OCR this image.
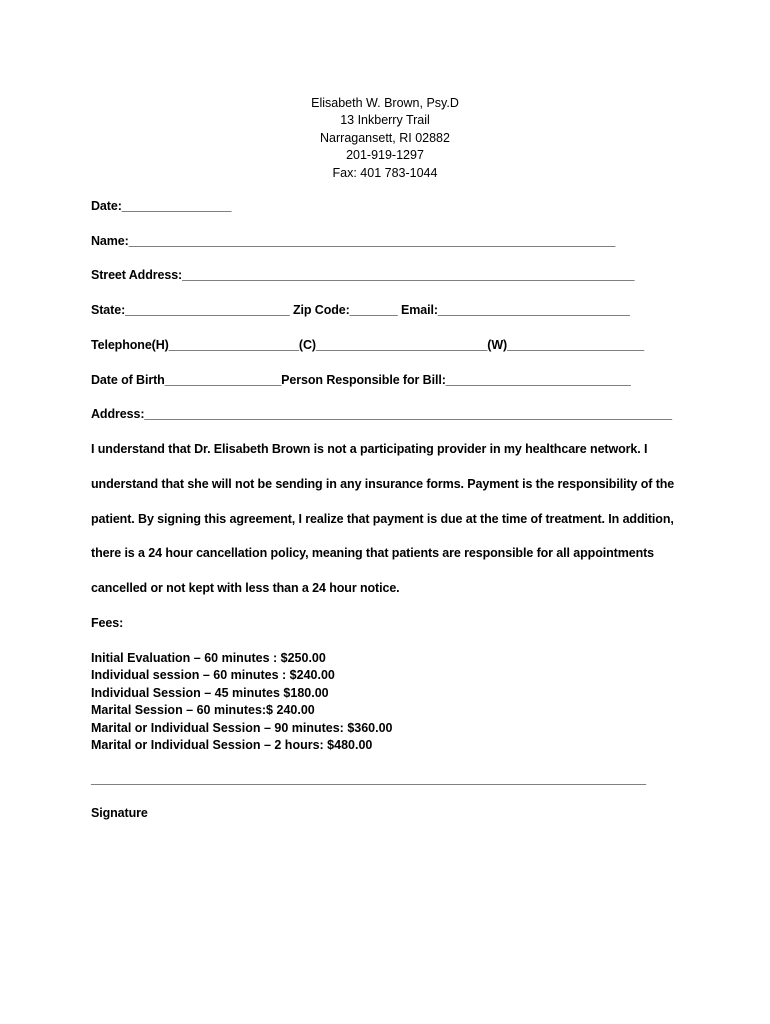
Elisabeth W. Brown, Psy.D
13 Inkberry Trail
Narragansett, RI 02882
201-919-1297
Fax: 401 783-1044
Date:________________
Name:_______________________________________________________________________
Street Address:__________________________________________________________________
State:________________________ Zip Code:_______ Email:____________________________
Telephone(H)___________________(C)_________________________(W)____________________
Date of Birth_________________Person Responsible for Bill:___________________________
Address:_____________________________________________________________________________
I understand that Dr. Elisabeth Brown is not a participating provider in my healthcare network. I
understand that she will not be sending in any insurance forms. Payment is the responsibility of the
patient. By signing this agreement, I realize that payment is due at the time of treatment. In addition,
there is a 24 hour cancellation policy, meaning that patients are responsible for all appointments
cancelled or not kept with less than a 24 hour notice.
Fees:
Initial Evaluation – 60 minutes : $250.00
Individual session – 60 minutes : $240.00
Individual Session – 45 minutes $180.00
Marital Session – 60 minutes:$ 240.00
Marital or Individual Session – 90 minutes: $360.00
Marital or Individual Session – 2 hours: $480.00
_________________________________________________________________________________
Signature
